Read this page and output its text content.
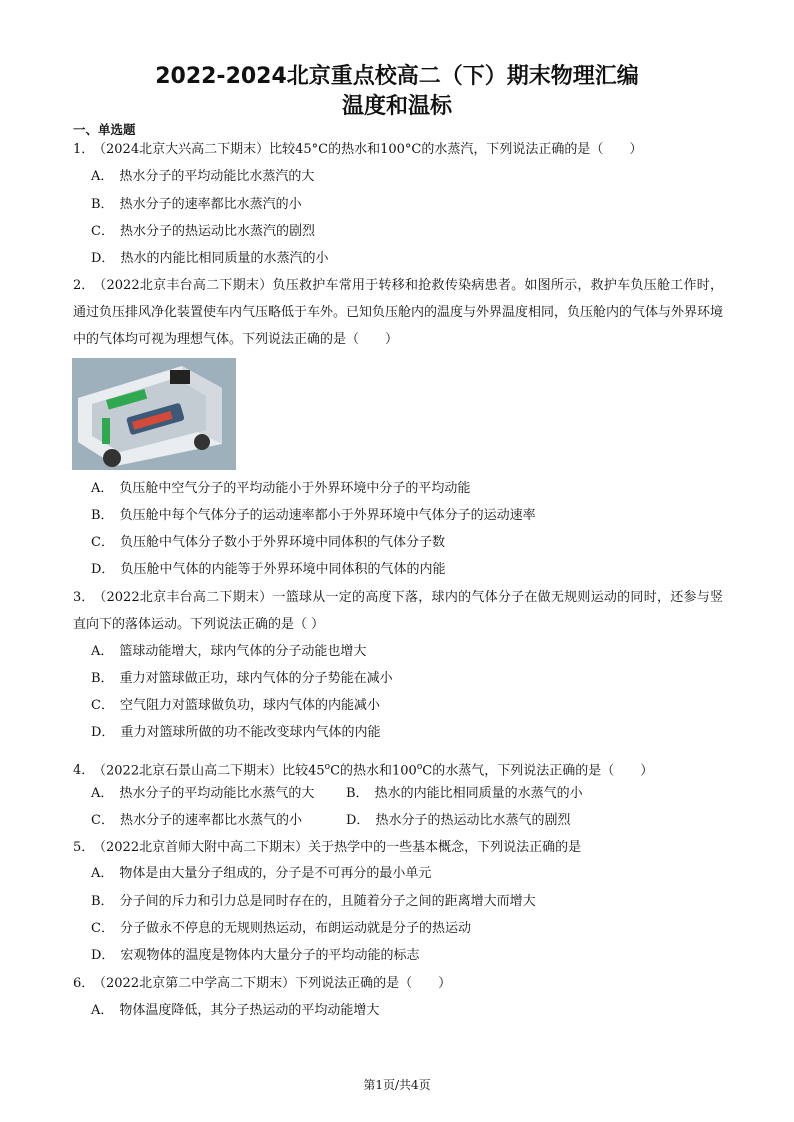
2022-2024北京重点校高二（下）期末物理汇编
温度和温标
一、单选题
1．（2024北京大兴高二下期末）比较45°C的热水和100°C的水蒸汽，下列说法正确的是（　　）
A． 热水分子的平均动能比水蒸汽的大
B． 热水分子的速率都比水蒸汽的小
C． 热水分子的热运动比水蒸汽的剧烈
D． 热水的内能比相同质量的水蒸汽的小
2．（2022北京丰台高二下期末）负压救护车常用于转移和抢救传染病患者。如图所示，救护车负压舱工作时，通过负压排风净化装置使车内气压略低于车外。已知负压舱内的温度与外界温度相同，负压舱内的气体与外界环境中的气体均可视为理想气体。下列说法正确的是（　　）
A． 负压舱中空气分子的平均动能小于外界环境中分子的平均动能
B． 负压舱中每个气体分子的运动速率都小于外界环境中气体分子的运动速率
C． 负压舱中气体分子数小于外界环境中同体积的气体分子数
D． 负压舱中气体的内能等于外界环境中同体积的气体的内能
3．（2022北京丰台高二下期末）一篮球从一定的高度下落，球内的气体分子在做无规则运动的同时，还参与竖直向下的落体运动。下列说法正确的是（ ）
A． 篮球动能增大，球内气体的分子动能也增大
B． 重力对篮球做正功，球内气体的分子势能在减小
C． 空气阻力对篮球做负功，球内气体的内能减小
D． 重力对篮球所做的功不能改变球内气体的内能
4．（2022北京石景山高二下期末）比较45$^o$C的热水和100$^o$C的水蒸气，下列说法正确的是（　　）
A． 热水分子的平均动能比水蒸气的大 B． 热水的内能比相同质量的水蒸气的小
C． 热水分子的速率都比水蒸气的小	D． 热水分子的热运动比水蒸气的剧烈
5．（2022北京首师大附中高二下期末）关于热学中的一些基本概念，下列说法正确的是
A． 物体是由大量分子组成的，分子是不可再分的最小单元
B． 分子间的斥力和引力总是同时存在的，且随着分子之间的距离增大而增大
C． 分子做永不停息的无规则热运动，布朗运动就是分子的热运动
D． 宏观物体的温度是物体内大量分子的平均动能的标志
6．（2022北京第二中学高二下期末）下列说法正确的是（　　）
A． 物体温度降低，其分子热运动的平均动能增大
第1页/共4页
